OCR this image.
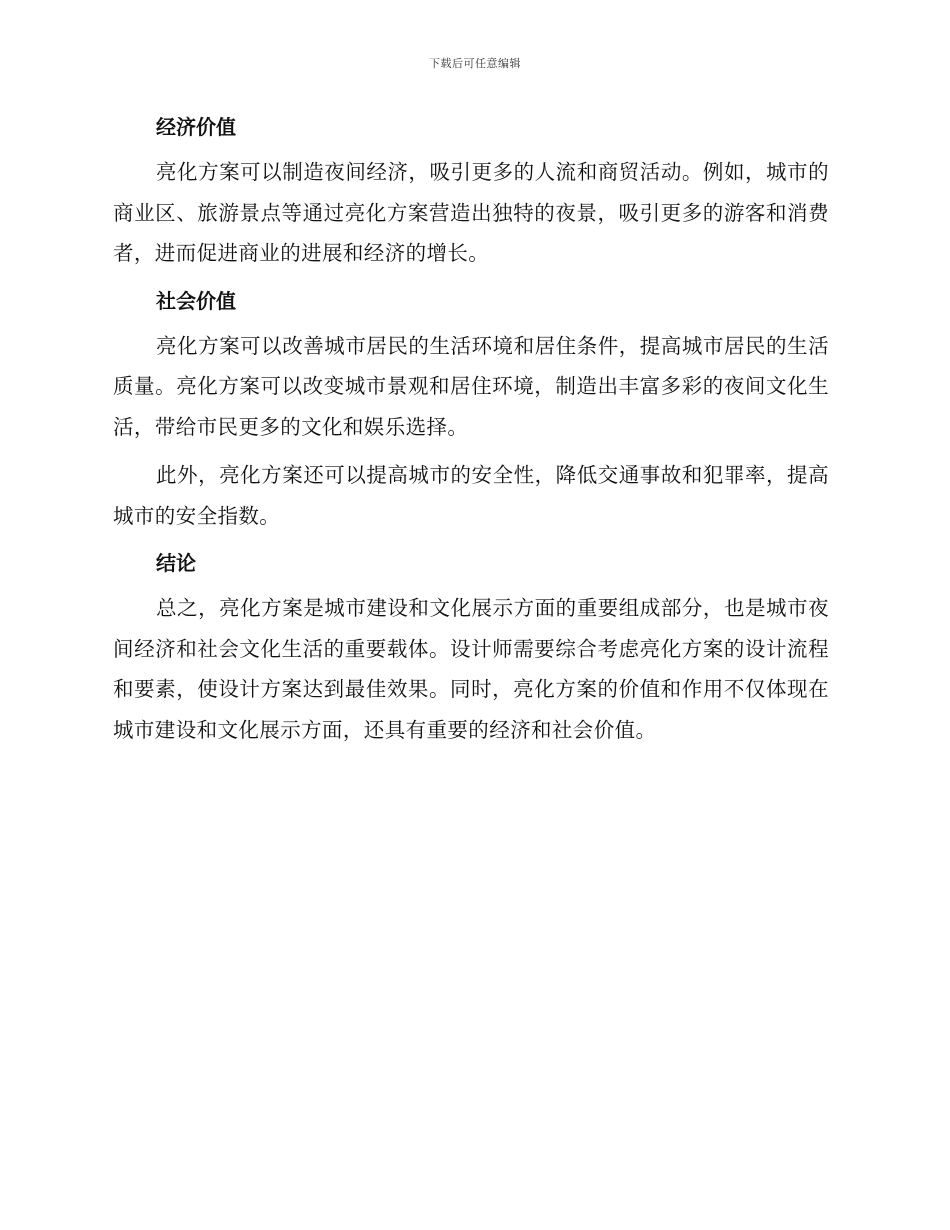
下载后可任意编辑
经济价值

亮化方案可以制造夜间经济，吸引更多的人流和商贸活动。例如，城市的商业区、旅游景点等通过亮化方案营造出独特的夜景，吸引更多的游客和消费者，进而促进商业的进展和经济的增长。

社会价值

亮化方案可以改善城市居民的生活环境和居住条件，提高城市居民的生活质量。亮化方案可以改变城市景观和居住环境，制造出丰富多彩的夜间文化生活，带给市民更多的文化和娱乐选择。

此外，亮化方案还可以提高城市的安全性，降低交通事故和犯罪率，提高城市的安全指数。

结论

总之，亮化方案是城市建设和文化展示方面的重要组成部分，也是城市夜间经济和社会文化生活的重要载体。设计师需要综合考虑亮化方案的设计流程和要素，使设计方案达到最佳效果。同时，亮化方案的价值和作用不仅体现在城市建设和文化展示方面，还具有重要的经济和社会价值。
